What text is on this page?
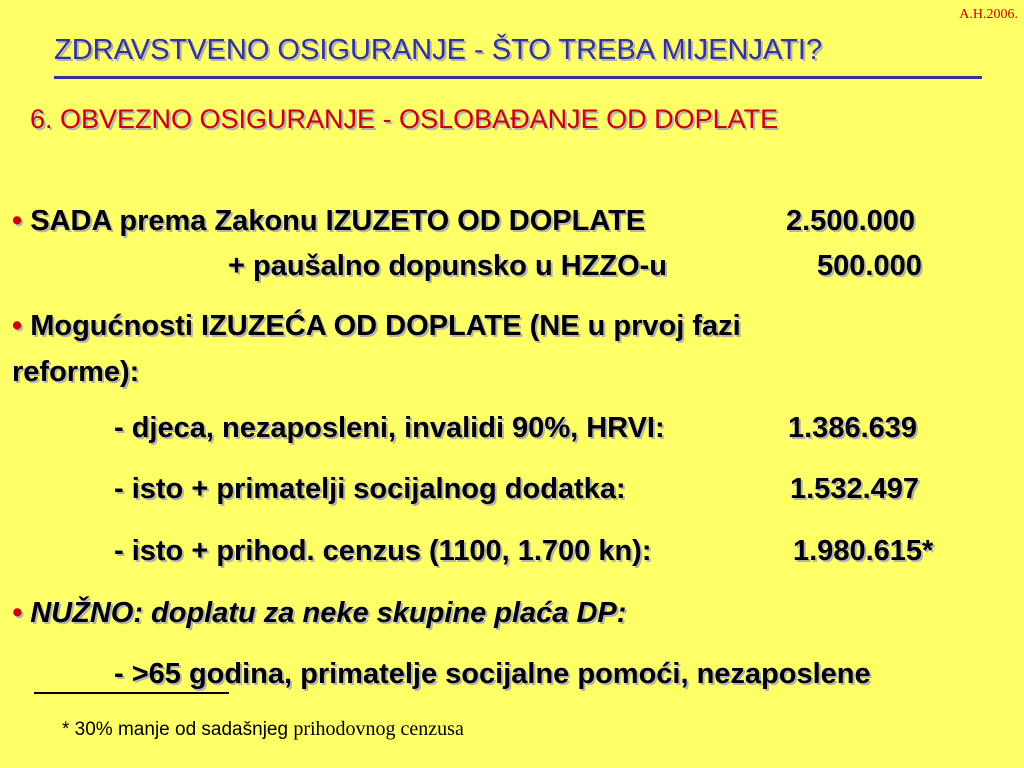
A.H.2006.
ZDRAVSTVENO OSIGURANJE - ŠTO TREBA MIJENJATI?
6. OBVEZNO OSIGURANJE - OSLOBAĐANJE OD DOPLATE
• SADA prema Zakonu IZUZETO OD DOPLATE	2.500.000
+ paušalno dopunsko u HZZO-u	500.000
• Mogućnosti IZUZEĆA OD DOPLATE (NE u prvoj fazi
reforme):
- djeca, nezaposleni, invalidi 90%, HRVI:	1.386.639
- isto + primatelji socijalnog dodatka:	1.532.497
- isto + prihod. cenzus (1100, 1.700 kn):	1.980.615*
• NUŽNO: doplatu za neke skupine plaća DP:
- >65 godina, primatelje socijalne pomoći, nezaposlene
* 30% manje od sadašnjeg prihodovnog cenzusa
